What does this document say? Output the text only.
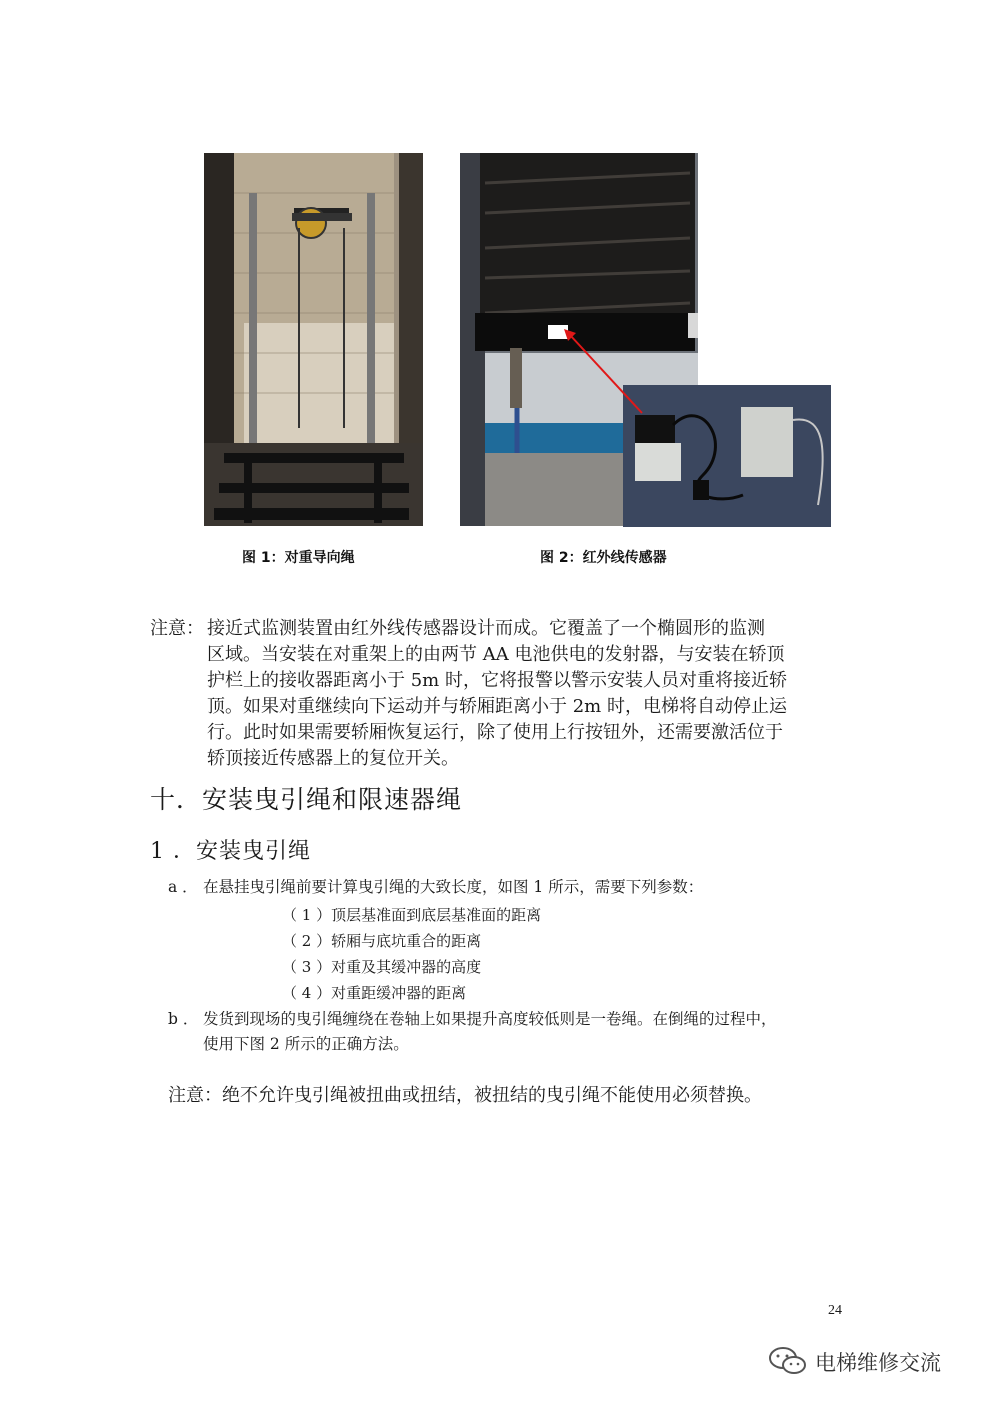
图 1：对重导向绳	图 2：红外线传感器
注意： 接近式监测装置由红外线传感器设计而成。它覆盖了一个椭圆形的监测
区域。当安装在对重架上的由两节 AA 电池供电的发射器，与安装在轿顶
护栏上的接收器距离小于 5m 时，它将报警以警示安装人员对重将接近轿
顶。如果对重继续向下运动并与轿厢距离小于 2m 时，电梯将自动停止运
行。此时如果需要轿厢恢复运行，除了使用上行按钮外，还需要激活位于
轿顶接近传感器上的复位开关。
十．安装曳引绳和限速器绳
1 ．安装曳引绳
a ． 在悬挂曳引绳前要计算曳引绳的大致长度，如图 1 所示，需要下列参数：
（ 1 ）顶层基准面到底层基准面的距离
（ 2 ）轿厢与底坑重合的距离
（ 3 ）对重及其缓冲器的高度
（ 4 ）对重距缓冲器的距离
b ． 发货到现场的曳引绳缠绕在卷轴上如果提升高度较低则是一卷绳。在倒绳的过程中，
使用下图 2 所示的正确方法。
注意：绝不允许曳引绳被扭曲或扭结，被扭结的曳引绳不能使用必须替换。
24
电梯维修交流
